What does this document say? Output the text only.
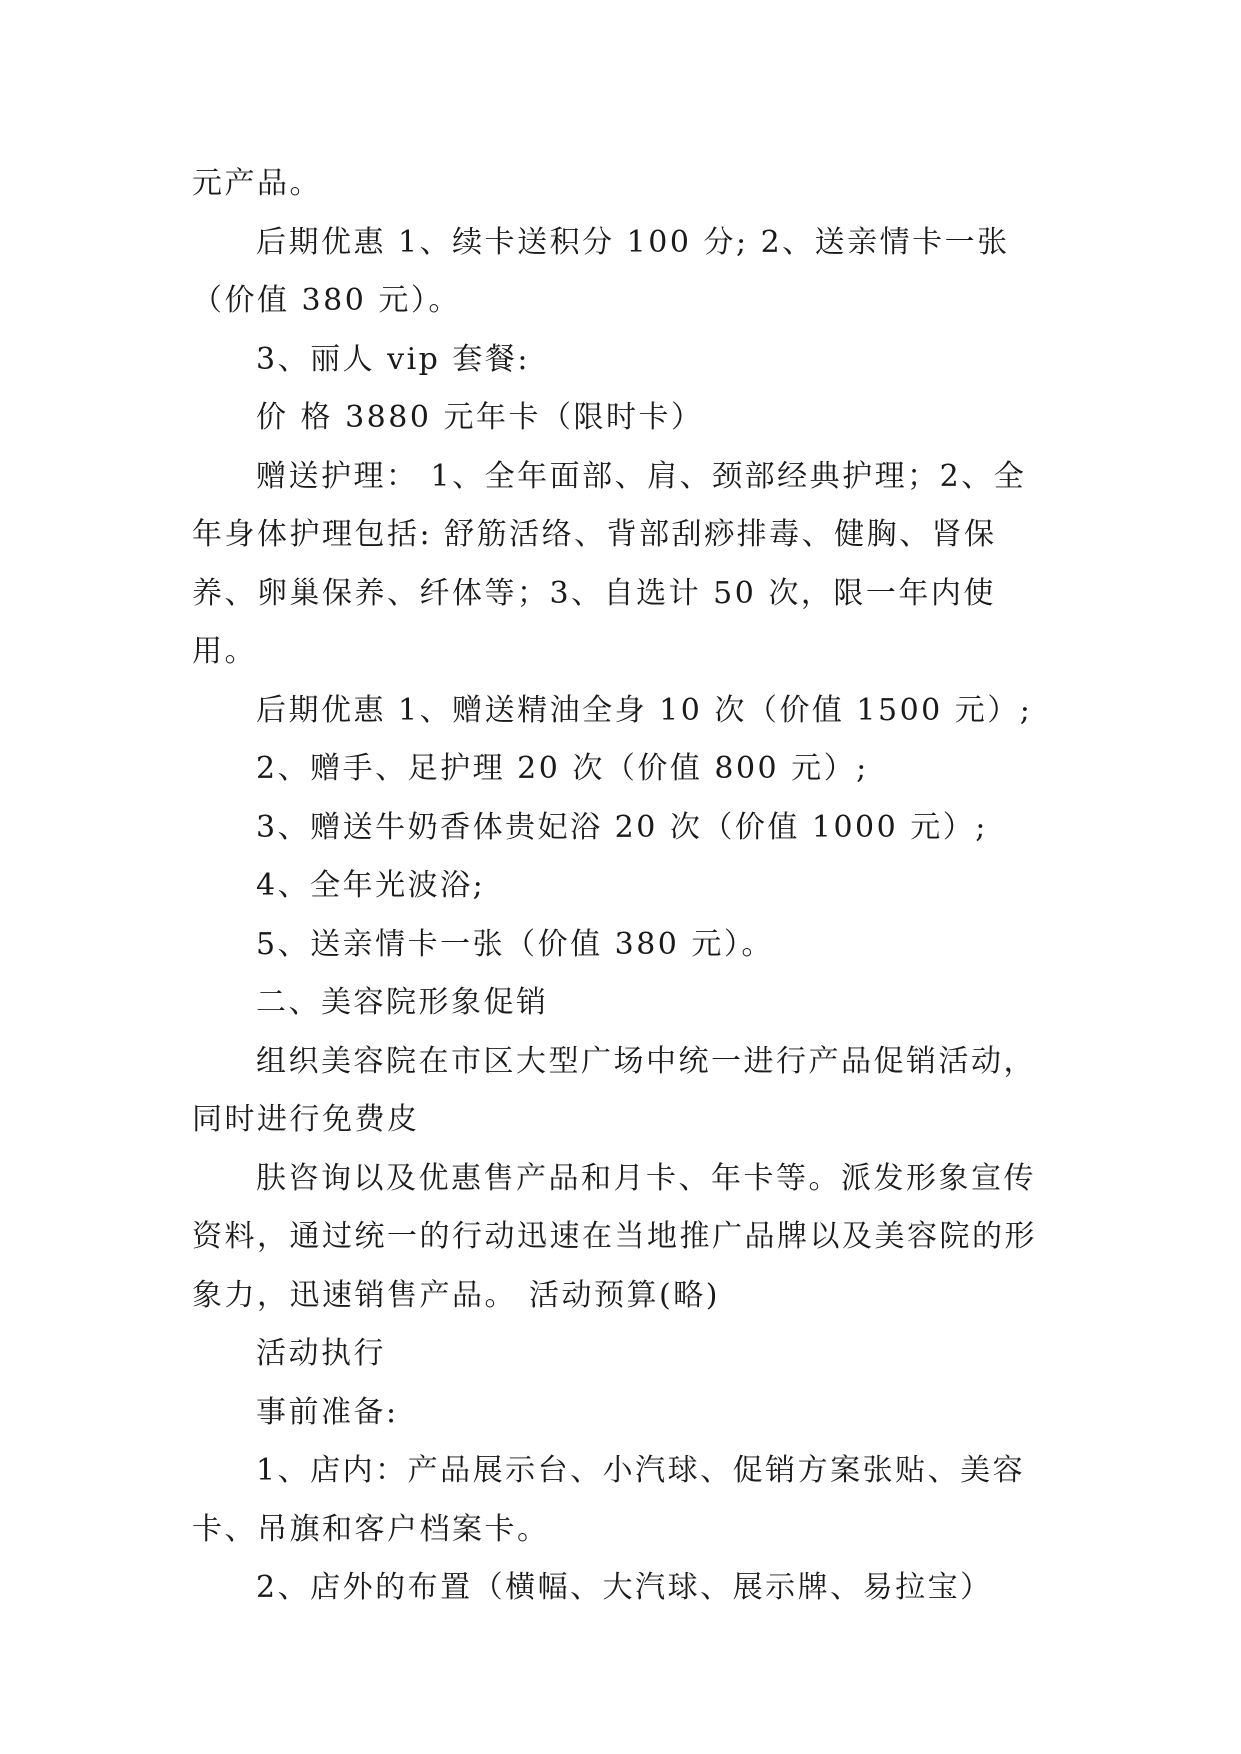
元产品。

后期优惠 1、续卡送积分 100 分; 2、送亲情卡一张（价值 380 元）。

3、丽人 vip 套餐:

价 格 3880 元年卡（限时卡）

赠送护理： 1、全年面部、肩、颈部经典护理；2、全年身体护理包括: 舒筋活络、背部刮痧排毒、健胸、肾保养、卵巢保养、纤体等；3、自选计 50 次，限一年内使用。

后期优惠 1、赠送精油全身 10 次（价值 1500 元）;

2、赠手、足护理 20 次（价值 800 元）;

3、赠送牛奶香体贵妃浴 20 次（价值 1000 元）;

4、全年光波浴;

5、送亲情卡一张（价值 380 元）。

二、美容院形象促销

组织美容院在市区大型广场中统一进行产品促销活动，同时进行免费皮

肤咨询以及优惠售产品和月卡、年卡等。派发形象宣传资料，通过统一的行动迅速在当地推广品牌以及美容院的形象力，迅速销售产品。 活动预算(略)

活动执行

事前准备:

1、店内：产品展示台、小汽球、促销方案张贴、美容卡、吊旗和客户档案卡。

2、店外的布置（横幅、大汽球、展示牌、易拉宝）
